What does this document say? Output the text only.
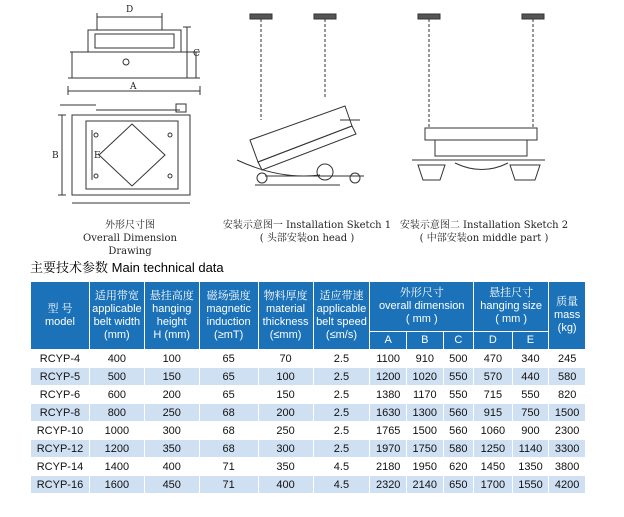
D
C
A
B	E
外形尺寸图
Overall Dimension Drawing
安装示意图一 Installation Sketch 1
( 头部安装on head )
安装示意图二 Installation Sketch 2
( 中部安装on middle part )
主要技术参数 Main technical data
型 号
model	适用带宽
applicable
belt width
(mm)	悬挂高度
hanging
height
H (mm)	磁场强度
magnetic
induction
(≥mT)	物料厚度
material
thickness
(≤mm)	适应带速
applicable
belt speed
(≤m/s)	外形尺寸
overall dimension
( mm )			悬挂尺寸
hanging size
( mm )		质量
mass
(kg)
						A	B	C	D	E	
RCYP-4	400	100	65	70	2.5	1100	910	500	470	340	245
RCYP-5	500	150	65	100	2.5	1200	1020	550	570	440	580
RCYP-6	600	200	65	150	2.5	1380	1170	550	715	550	820
RCYP-8	800	250	68	200	2.5	1630	1300	560	915	750	1500
RCYP-10	1000	300	68	250	2.5	1765	1500	560	1060	900	2300
RCYP-12	1200	350	68	300	2.5	1970	1750	580	1250	1140	3300
RCYP-14	1400	400	71	350	4.5	2180	1950	620	1450	1350	3800
RCYP-16	1600	450	71	400	4.5	2320	2140	650	1700	1550	4200
